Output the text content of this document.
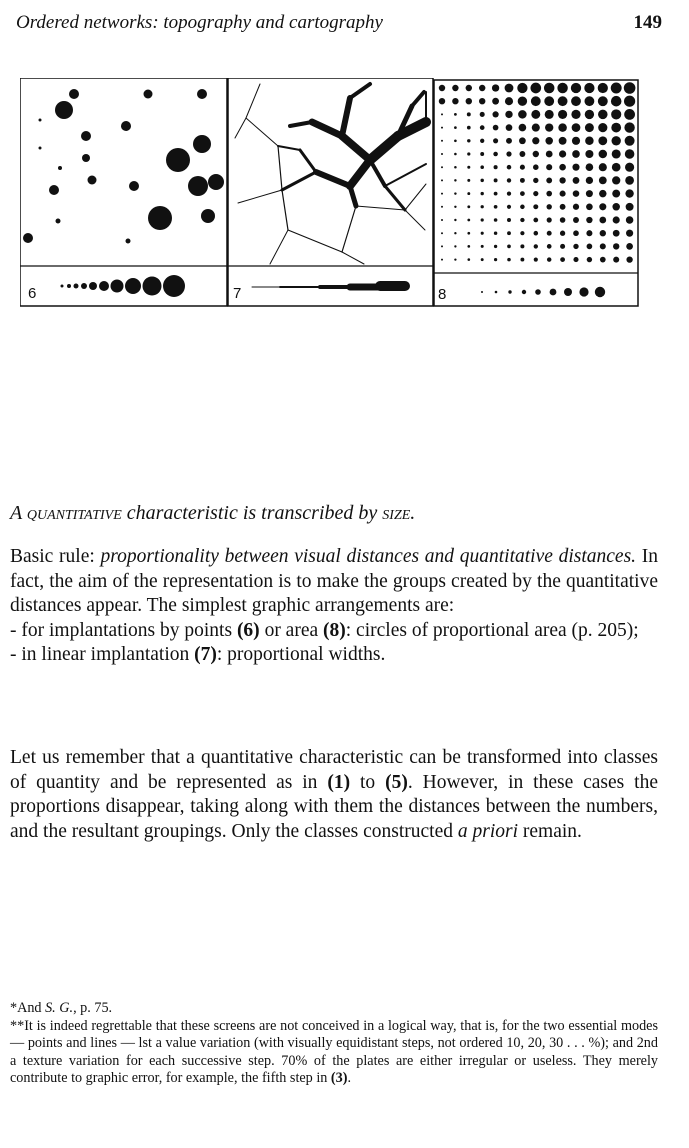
Ordered networks: topography and cartography	149
6	7	8
A quantitative characteristic is transcribed by size.

Basic rule: proportionality between visual distances and quantitative distances. In fact, the aim of the representation is to make the groups created by the quantitative distances appear. The simplest graphic arrangements are:

- for implantations by points (6) or area (8): circles of proportional area (p. 205);

- in linear implantation (7): proportional widths.

Let us remember that a quantitative characteristic can be transformed into classes of quantity and be represented as in (1) to (5). However, in these cases the proportions disappear, taking along with them the distances between the numbers, and the resultant groupings. Only the classes constructed a priori remain.

*And S. G., p. 75.
**It is indeed regrettable that these screens are not conceived in a logical way, that is, for the two essential modes — points and lines — lst a value variation (with visually equidistant steps, not ordered 10, 20, 30 . . . %); and 2nd a texture variation for each successive step. 70% of the plates are either irregular or useless. They merely contribute to graphic error, for example, the fifth step in (3).
